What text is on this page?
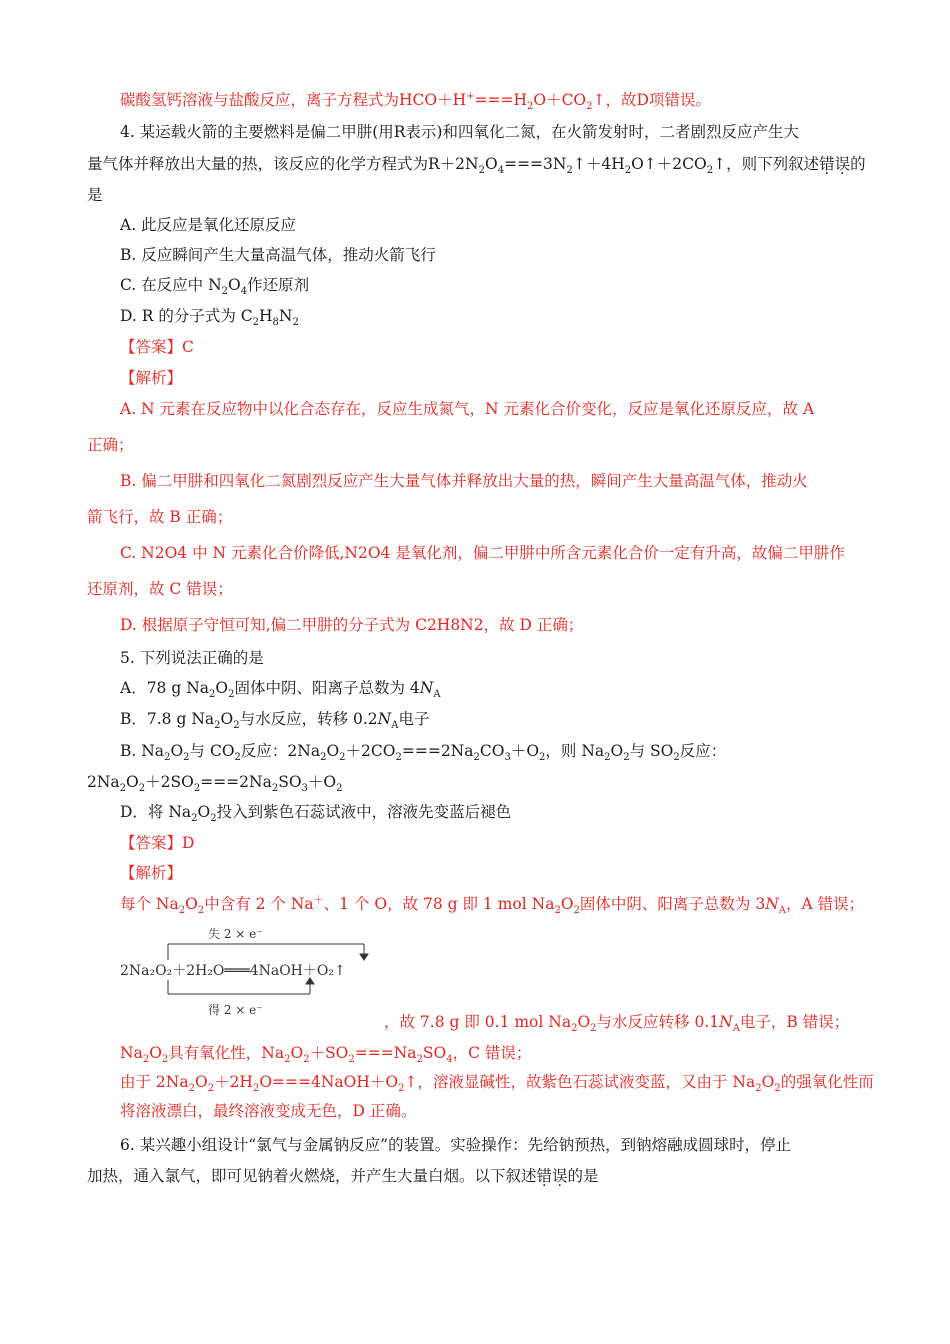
碳酸氢钙溶液与盐酸反应，离子方程式为$HCO+H^+===H_2O+CO_2↑$，故D项错误。
4. 某运载火箭的主要燃料是偏二甲肼(用R表示)和四氧化二氮，在火箭发射时，二者剧烈反应产生大
量气体并释放出大量的热，该反应的化学方程式为$R+2N_2O_4===3N_2↑+4H_2O↑+2CO_2↑$，则下列叙述错误的
是
A. 此反应是氧化还原反应
B. 反应瞬间产生大量高温气体，推动火箭飞行
C. 在反应中 $N_2O_4$作还原剂
D. R 的分子式为 $C_2H_8N_2$
【答案】C
【解析】
A. N 元素在反应物中以化合态存在，反应生成氮气，N 元素化合价变化，反应是氧化还原反应，故 A
正确；
B. 偏二甲肼和四氧化二氮剧烈反应产生大量气体并释放出大量的热，瞬间产生大量高温气体，推动火
箭飞行，故 B 正确；
C. N2O4 中 N 元素化合价降低,N2O4 是氧化剂，偏二甲肼中所含元素化合价一定有升高，故偏二甲肼作
还原剂，故 C 错误；
D. 根据原子守恒可知,偏二甲肼的分子式为 C2H8N2，故 D 正确；
5. 下列说法正确的是
A．78 g $Na_2O_2$固体中阴、阳离子总数为 $4N_A$
B．7.8 g $Na_2O_2$与水反应，转移 $0.2N_A$电子
B. $Na_2O_2$与 $CO_2$反应：$2Na_2O_2+2CO_2===2Na_2CO_3+O_2$，则 $Na_2O_2$与 $SO_2$反应：
$2Na_2O_2+2SO_2===2Na_2SO_3+O_2$
D．将 $Na_2O_2$投入到紫色石蕊试液中，溶液先变蓝后褪色
【答案】D
【解析】
每个 $Na_2O_2$中含有 2 个 Na＋、1 个 O，故 78 g 即 1 mol $Na_2O_2$固体中阴、阳离子总数为 $3N_A$，A 错误；
失 2 × e⁻
2Na₂O₂＋2H₂O═══4NaOH＋O₂↑
得 2 × e⁻
，故 7.8 g 即 0.1 mol $Na_2O_2$与水反应转移 $0.1N_A$电子，B 错误；
$Na_2O_2$具有氧化性，$Na_2O_2+SO_2===Na_2SO_4$，C 错误；
由于 $2Na_2O_2+2H_2O===4NaOH+O_2↑$，溶液显碱性，故紫色石蕊试液变蓝，又由于 $Na_2O_2$的强氧化性而
将溶液漂白，最终溶液变成无色，D 正确。
6. 某兴趣小组设计“氯气与金属钠反应”的装置。实验操作：先给钠预热，到钠熔融成圆球时，停止
加热，通入氯气，即可见钠着火燃烧，并产生大量白烟。以下叙述错误的是
